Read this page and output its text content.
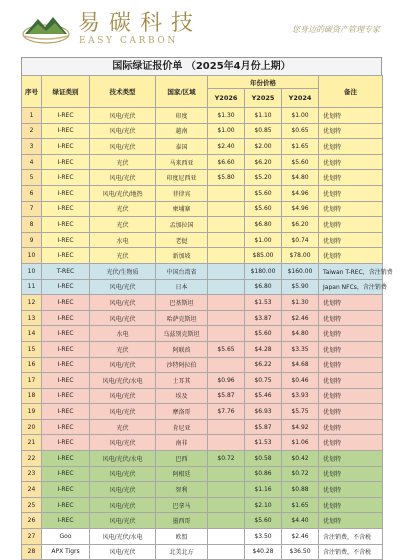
易碳科技
EASY CARBON
您身边的碳资产管理专家
国际绿证报价单 （2025年4月份上期）
序号	绿证类别	技术类型	国家/区域	年份价格			备注
				Y2026	Y2025	Y2024	
1	I-REC	风电/光伏	印度	$1.30	$1.10	$1.00	优划特
2	I-REC	风电/光伏	越南	$1.00	$0.85	$0.65	优划特
3	I-REC	风电/光伏	泰国	$2.40	$2.00	$1.65	优划特
4	I-REC	光伏	马来西亚	$6.60	$6.20	$5.60	优划特
5	I-REC	风电/光伏	印度尼西亚	$5.80	$5.20	$4.80	优划特
6	I-REC	风电/光伏/地热	菲律宾		$5.60	$4.96	优划特
7	I-REC	光伏	柬埔寨		$5.60	$4.96	优划特
8	I-REC	光伏	孟加拉国		$6.80	$6.20	优划特
9	I-REC	水电	老挝		$1.00	$0.74	优划特
10	I-REC	光伏	新加坡		$85.00	$78.00	优划特
10	T-REC	光伏/生物质	中国台湾省		$180.00	$160.00	Taiwan T-REC，含注销费
11	I-REC	风电/光伏	日本		$6.80	$5.90	Japan NFCs，含注销费
12	I-REC	风电/光伏	巴基斯坦		$1.53	$1.30	优划特
13	I-REC	风电/光伏	哈萨克斯坦		$3.87	$2.46	优划特
14	I-REC	水电	乌兹别克斯坦		$5.60	$4.80	优划特
15	I-REC	光伏	阿联酋	$5.65	$4.28	$3.35	优划特
16	I-REC	风电/光伏	沙特阿拉伯		$6.22	$4.68	优划特
17	I-REC	风电/光伏/水电	土耳其	$0.96	$0.75	$0.46	优划特
18	I-REC	风电/光伏	埃及	$5.87	$5.46	$3.93	优划特
19	I-REC	风电/光伏	摩洛哥	$7.76	$6.93	$5.75	优划特
20	I-REC	光伏	肯尼亚		$5.87	$4.92	优划特
21	I-REC	风电/光伏	南非		$1.53	$1.06	优划特
22	I-REC	风电/光伏/水电	巴西	$0.72	$0.58	$0.42	优划特
23	I-REC	风电/光伏	阿根廷		$0.86	$0.72	优划特
24	I-REC	风电/光伏	智利		$1.16	$0.88	优划特
25	I-REC	风电/光伏	巴拿马		$2.10	$1.65	优划特
26	I-REC	风电/光伏	墨西哥		$5.60	$4.40	优划特
27	Goo	风电/光伏/水电	欧盟		$3.50	$2.46	含注销费，不含税
28	APX Tigrs	风电/光伏	北美北方		$40.28	$36.50	含注销费，不含税
